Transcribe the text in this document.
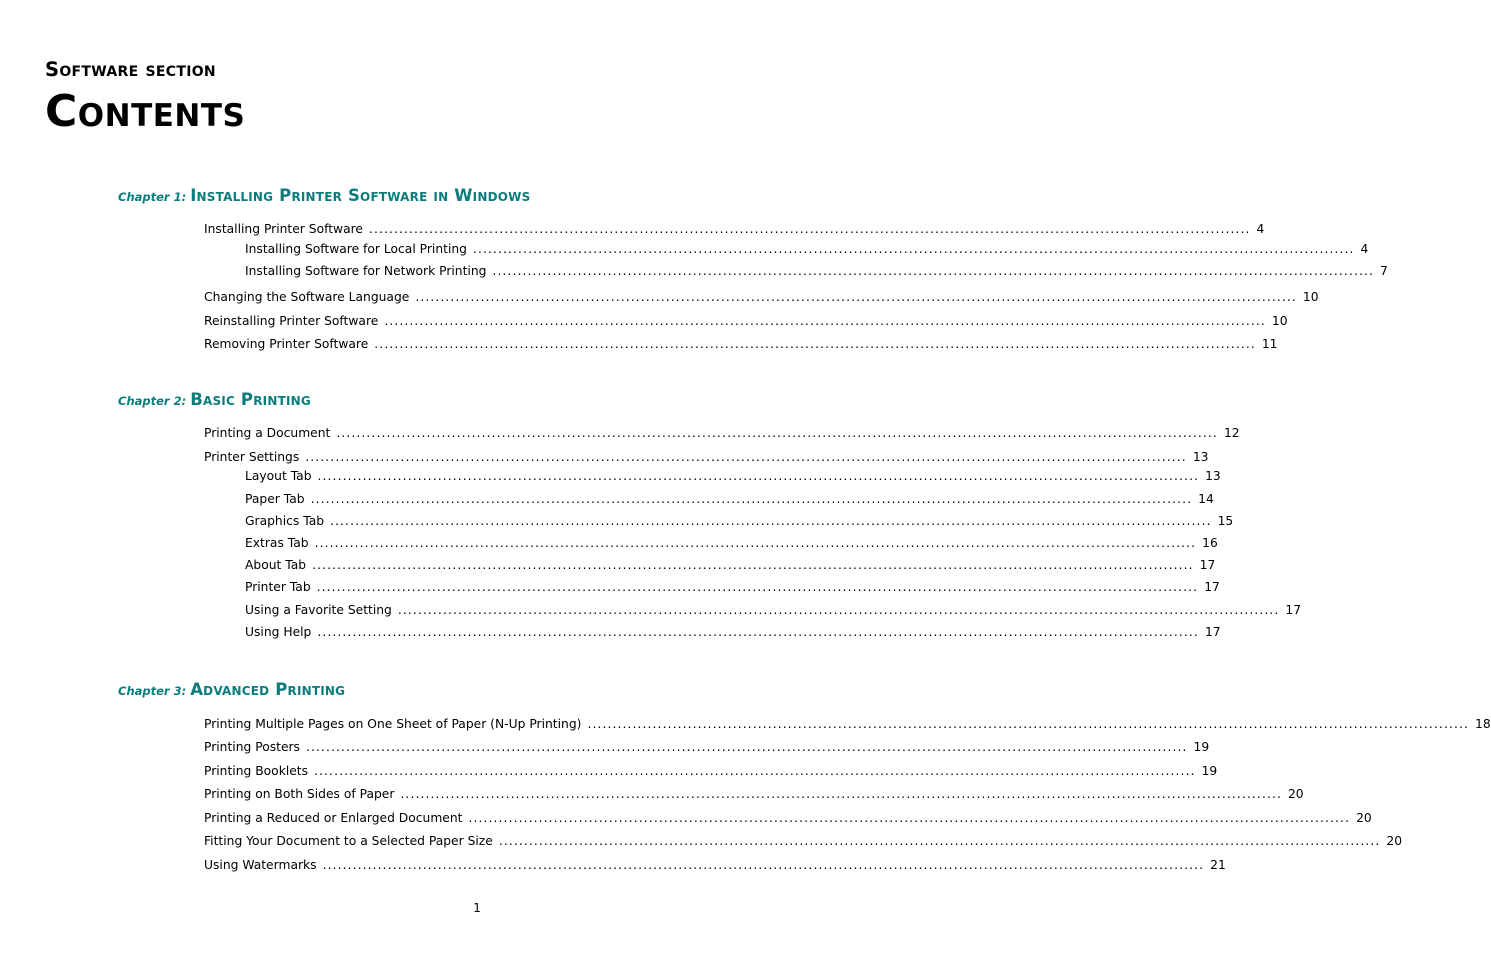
Software section
Contents
Chapter 1: Installing Printer Software in Windows
Installing Printer Software ................................................................................................................................................................................ 4
Installing Software for Local Printing ................................................................................................................................................................................ 4
Installing Software for Network Printing ................................................................................................................................................................................ 7
Changing the Software Language ................................................................................................................................................................................ 10
Reinstalling Printer Software ................................................................................................................................................................................ 10
Removing Printer Software ................................................................................................................................................................................ 11
Chapter 2: Basic Printing
Printing a Document ................................................................................................................................................................................ 12
Printer Settings ................................................................................................................................................................................ 13
Layout Tab ................................................................................................................................................................................ 13
Paper Tab ................................................................................................................................................................................ 14
Graphics Tab ................................................................................................................................................................................ 15
Extras Tab ................................................................................................................................................................................ 16
About Tab ................................................................................................................................................................................ 17
Printer Tab ................................................................................................................................................................................ 17
Using a Favorite Setting ................................................................................................................................................................................ 17
Using Help ................................................................................................................................................................................ 17
Chapter 3: Advanced Printing
Printing Multiple Pages on One Sheet of Paper (N-Up Printing) ................................................................................................................................................................................ 18
Printing Posters ................................................................................................................................................................................ 19
Printing Booklets ................................................................................................................................................................................ 19
Printing on Both Sides of Paper ................................................................................................................................................................................ 20
Printing a Reduced or Enlarged Document ................................................................................................................................................................................ 20
Fitting Your Document to a Selected Paper Size ................................................................................................................................................................................ 20
Using Watermarks ................................................................................................................................................................................ 21
1
